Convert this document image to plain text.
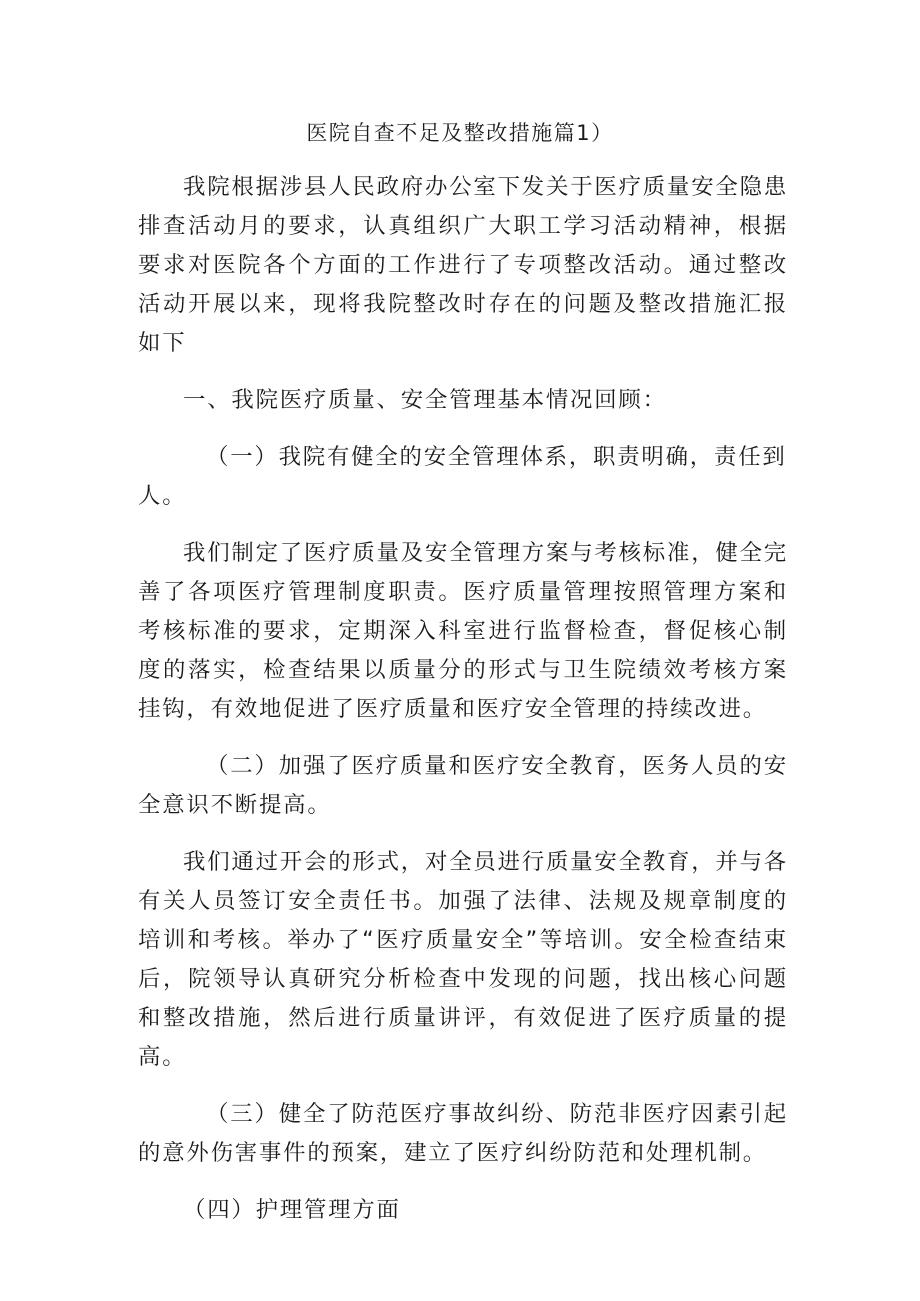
医院自查不足及整改措施篇1）

我院根据涉县人民政府办公室下发关于医疗质量安全隐患排查活动月的要求，认真组织广大职工学习活动精神，根据要求对医院各个方面的工作进行了专项整改活动。通过整改活动开展以来，现将我院整改时存在的问题及整改措施汇报如下

一、我院医疗质量、安全管理基本情况回顾：

（一）我院有健全的安全管理体系，职责明确，责任到人。

我们制定了医疗质量及安全管理方案与考核标准，健全完善了各项医疗管理制度职责。医疗质量管理按照管理方案和考核标准的要求，定期深入科室进行监督检查，督促核心制度的落实，检查结果以质量分的形式与卫生院绩效考核方案挂钩，有效地促进了医疗质量和医疗安全管理的持续改进。

（二）加强了医疗质量和医疗安全教育，医务人员的安全意识不断提高。

我们通过开会的形式，对全员进行质量安全教育，并与各有关人员签订安全责任书。加强了法律、法规及规章制度的培训和考核。举办了“医疗质量安全”等培训。安全检查结束后，院领导认真研究分析检查中发现的问题，找出核心问题和整改措施，然后进行质量讲评，有效促进了医疗质量的提高。

（三）健全了防范医疗事故纠纷、防范非医疗因素引起的意外伤害事件的预案，建立了医疗纠纷防范和处理机制。

（四）护理管理方面
